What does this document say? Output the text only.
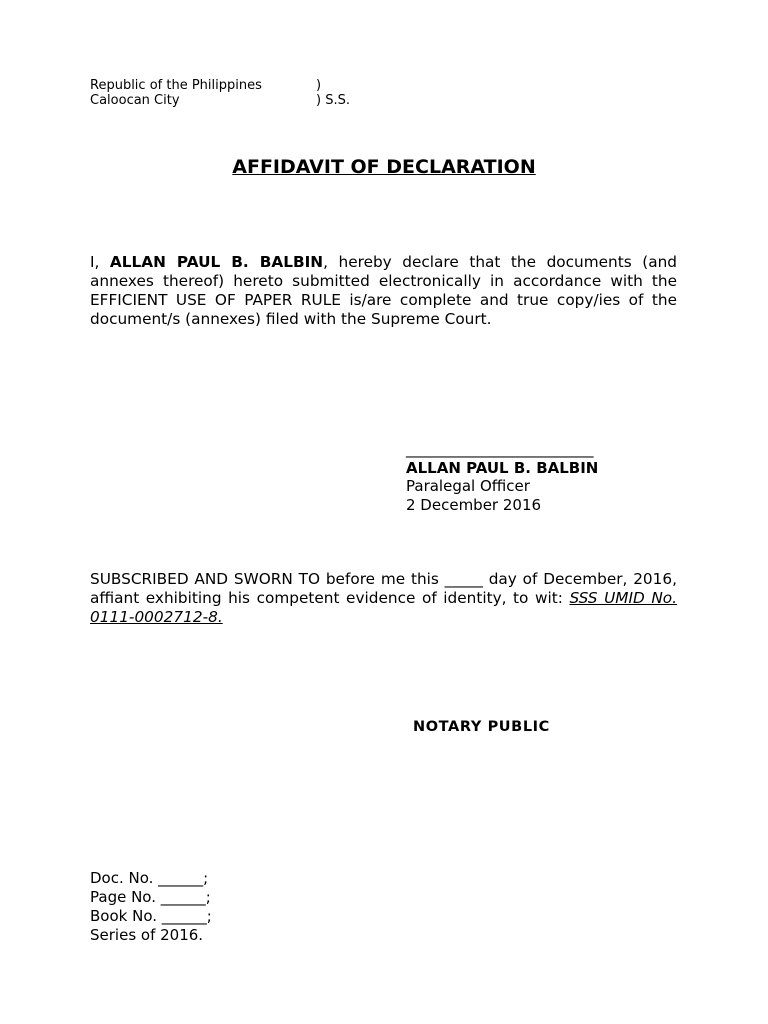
Republic of the Philippines	)
Caloocan City	) S.S.
AFFIDAVIT OF DECLARATION
I, ALLAN PAUL B. BALBIN, hereby declare that the documents (and annexes thereof) hereto submitted electronically in accordance with the EFFICIENT USE OF PAPER RULE is/are complete and true copy/ies of the document/s (annexes) filed with the Supreme Court.
_________________________
ALLAN PAUL B. BALBIN
Paralegal Officer
2 December 2016
SUBSCRIBED AND SWORN TO before me this _____ day of December, 2016, affiant exhibiting his competent evidence of identity, to wit: SSS UMID No. 0111-0002712-8.
NOTARY PUBLIC
Doc. No. ______;
Page No. ______;
Book No. ______;
Series of 2016.
